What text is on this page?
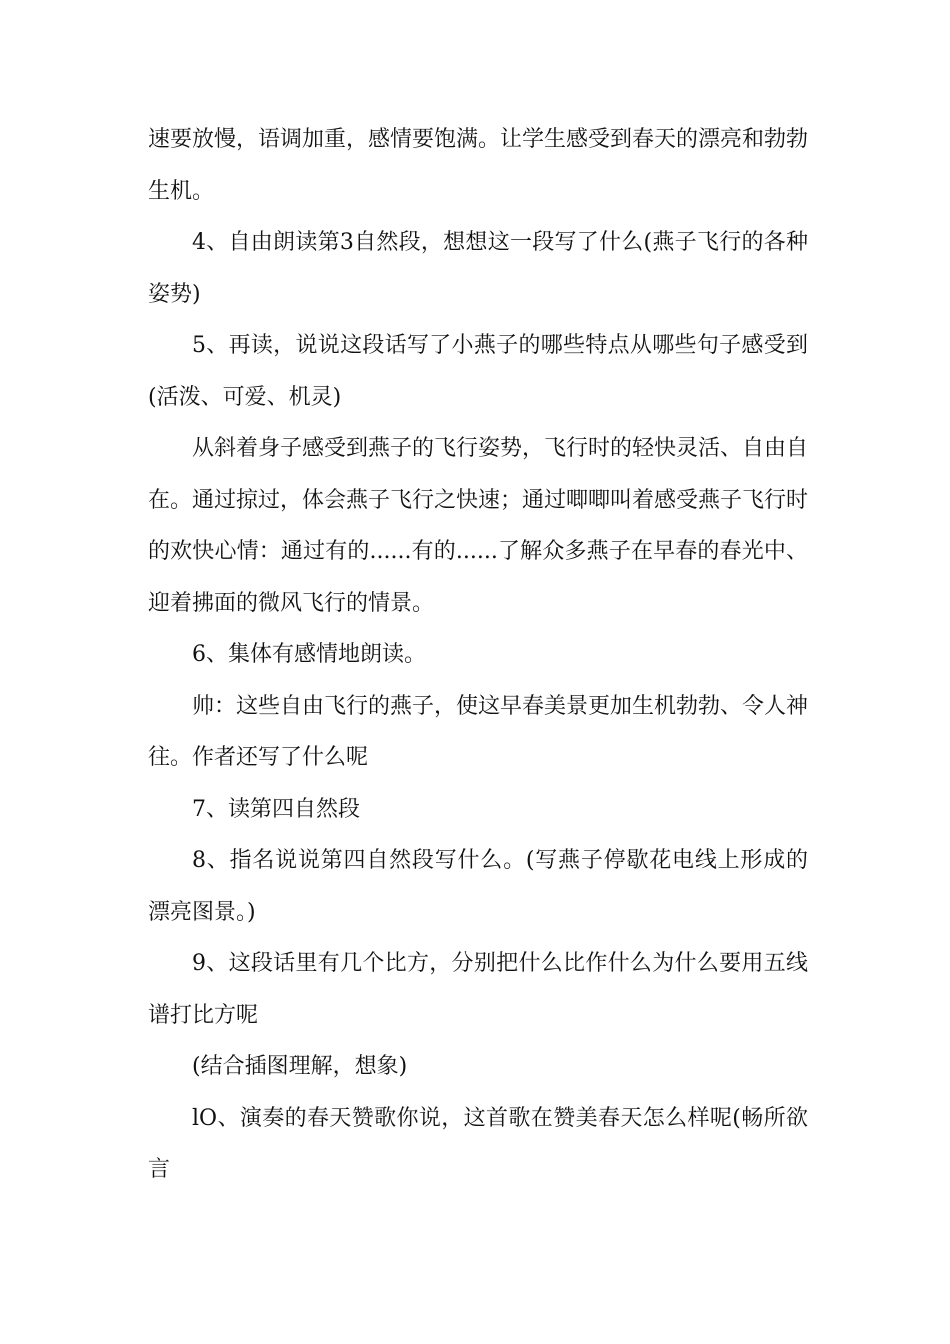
速要放慢，语调加重，感情要饱满。让学生感受到春天的漂亮和勃勃生机。

4、自由朗读第3自然段，想想这一段写了什么(燕子飞行的各种姿势)

5、再读，说说这段话写了小燕子的哪些特点从哪些句子感受到(活泼、可爱、机灵)

从斜着身子感受到燕子的飞行姿势，飞行时的轻快灵活、自由自在。通过掠过，体会燕子飞行之快速；通过唧唧叫着感受燕子飞行时的欢快心情：通过有的......有的......了解众多燕子在早春的春光中、迎着拂面的微风飞行的情景。

6、集体有感情地朗读。

帅：这些自由飞行的燕子，使这早春美景更加生机勃勃、令人神往。作者还写了什么呢

7、读第四自然段

8、指名说说第四自然段写什么。(写燕子停歇花电线上形成的漂亮图景。)

9、这段话里有几个比方，分别把什么比作什么为什么要用五线谱打比方呢

(结合插图理解，想象)

lO、演奏的春天赞歌你说，这首歌在赞美春天怎么样呢(畅所欲言
